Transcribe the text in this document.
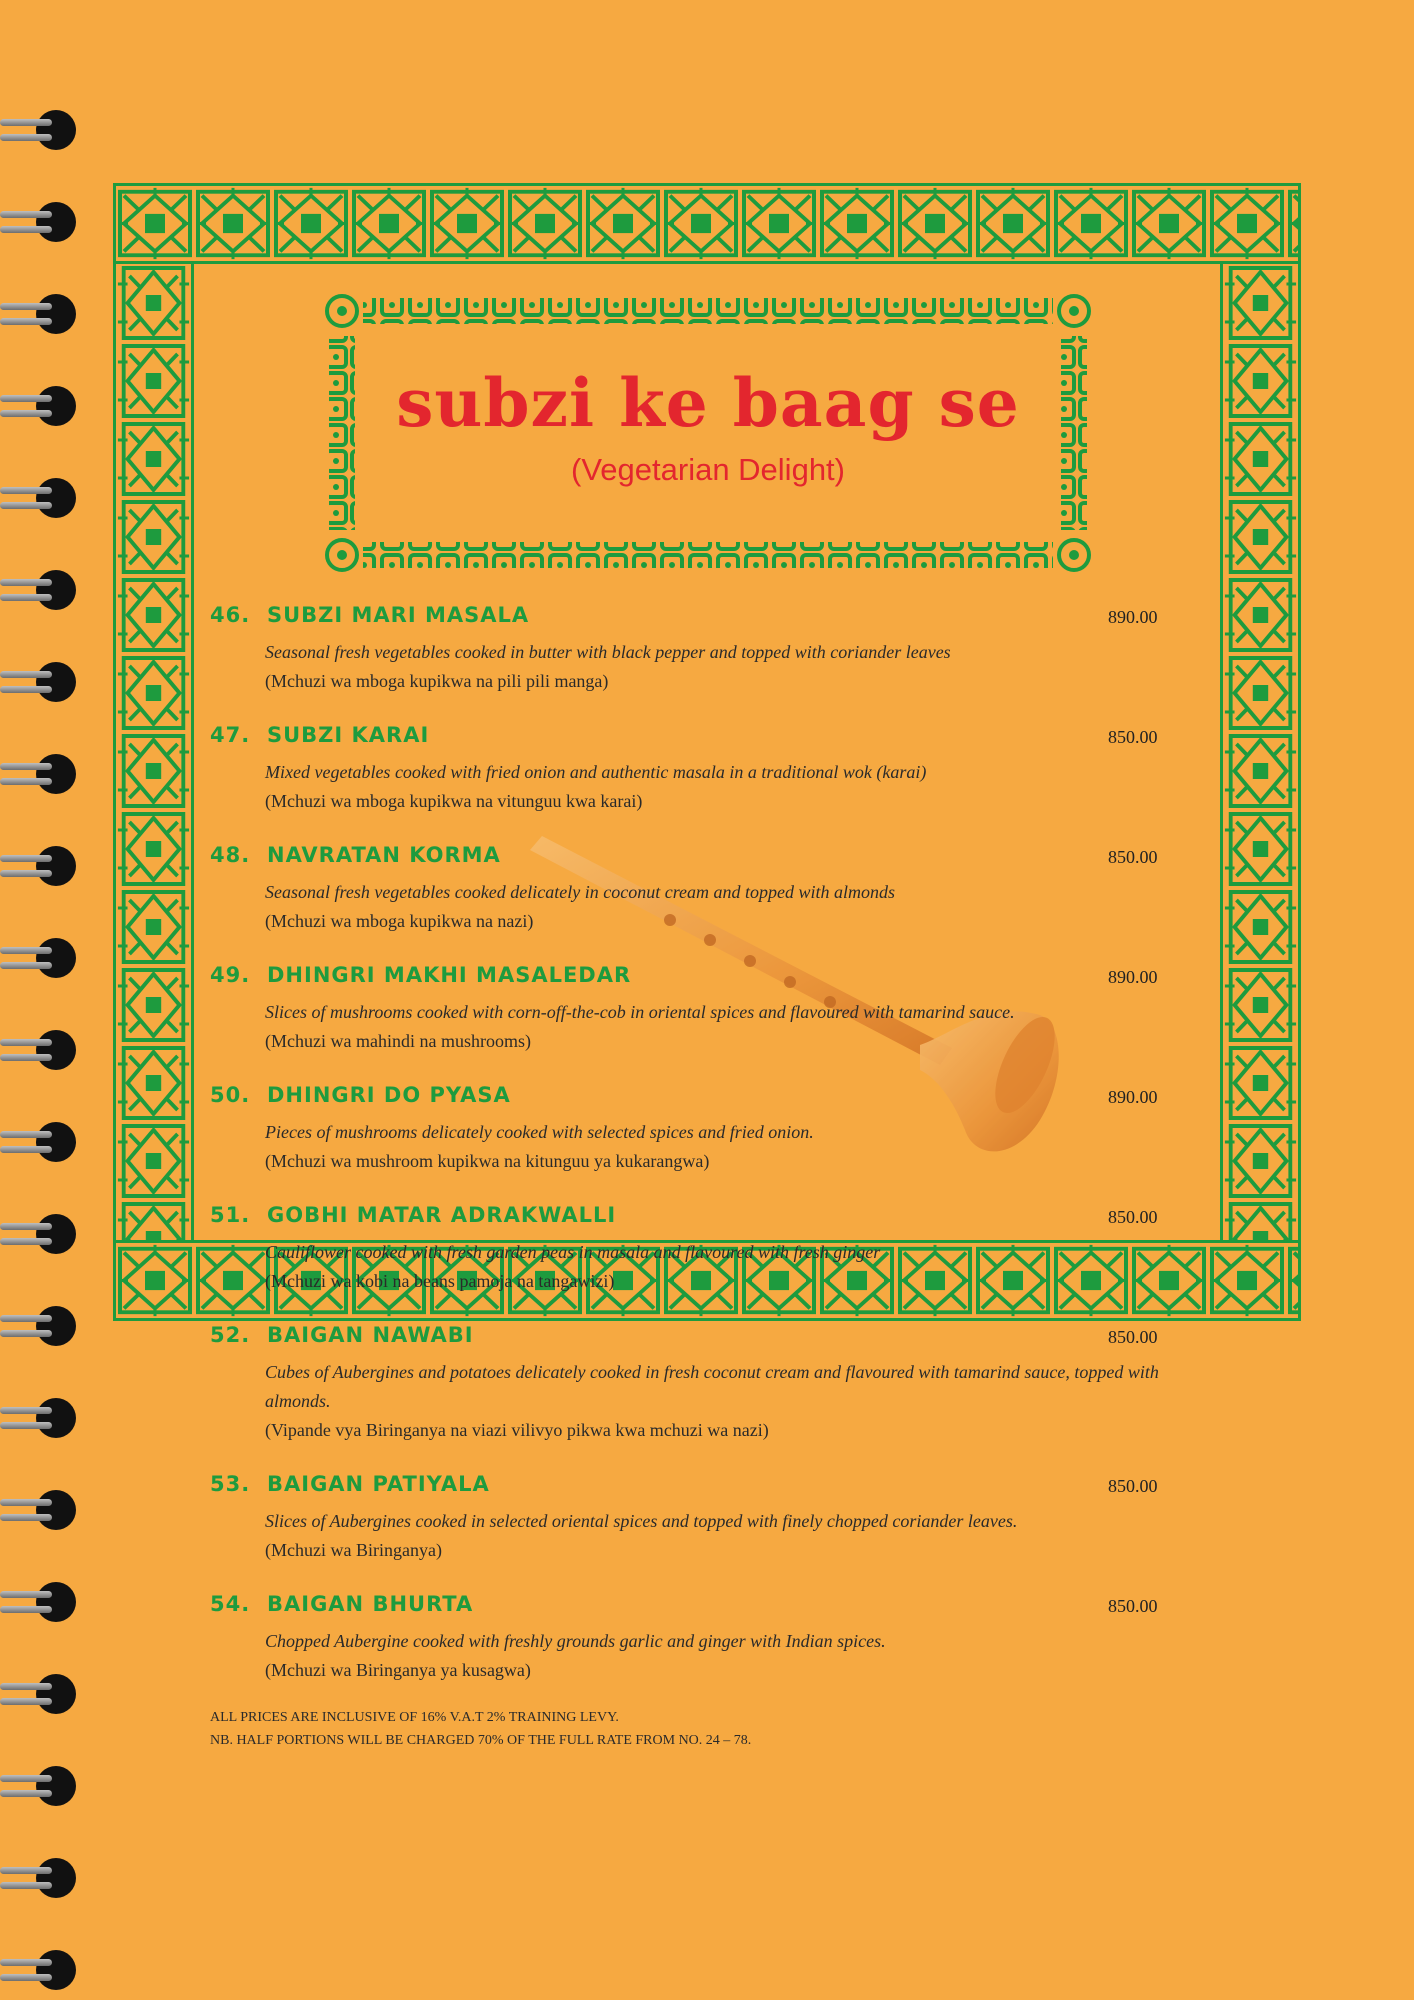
subzi ke baag se
(Vegetarian Delight)
46. SUBZI MARI MASALA	890.00
Seasonal fresh vegetables cooked in butter with black pepper and topped with coriander leaves
(Mchuzi wa mboga kupikwa na pili pili manga)
47. SUBZI KARAI	850.00
Mixed vegetables cooked with fried onion and authentic masala in a traditional wok (karai)
(Mchuzi wa mboga kupikwa na vitunguu kwa karai)
48. NAVRATAN KORMA	850.00
Seasonal fresh vegetables cooked delicately in coconut cream and topped with almonds
(Mchuzi wa mboga kupikwa na nazi)
49. DHINGRI MAKHI MASALEDAR	890.00
Slices of mushrooms cooked with corn-off-the-cob in oriental spices and flavoured with tamarind sauce.
(Mchuzi wa mahindi na mushrooms)
50. DHINGRI DO PYASA	890.00
Pieces of mushrooms delicately cooked with selected spices and fried onion.
(Mchuzi wa mushroom kupikwa na kitunguu ya kukarangwa)
51. GOBHI MATAR ADRAKWALLI	850.00
Cauliflower cooked with fresh garden peas in masala and flavoured with fresh ginger
(Mchuzi wa kobi na beans pamoja na tangawizi)
52. BAIGAN NAWABI	850.00
Cubes of Aubergines and potatoes delicately cooked in fresh coconut cream and flavoured with tamarind sauce, topped with almonds.
(Vipande vya Biringanya na viazi vilivyo pikwa kwa mchuzi wa nazi)
53. BAIGAN PATIYALA	850.00
Slices of Aubergines cooked in selected oriental spices and topped with finely chopped coriander leaves.
(Mchuzi wa Biringanya)
54. BAIGAN BHURTA	850.00
Chopped Aubergine cooked with freshly grounds garlic and ginger with Indian spices.
(Mchuzi wa Biringanya ya kusagwa)
ALL PRICES ARE INCLUSIVE OF 16% V.A.T 2% TRAINING LEVY.
NB. HALF PORTIONS WILL BE CHARGED 70% OF THE FULL RATE FROM NO. 24 – 78.
